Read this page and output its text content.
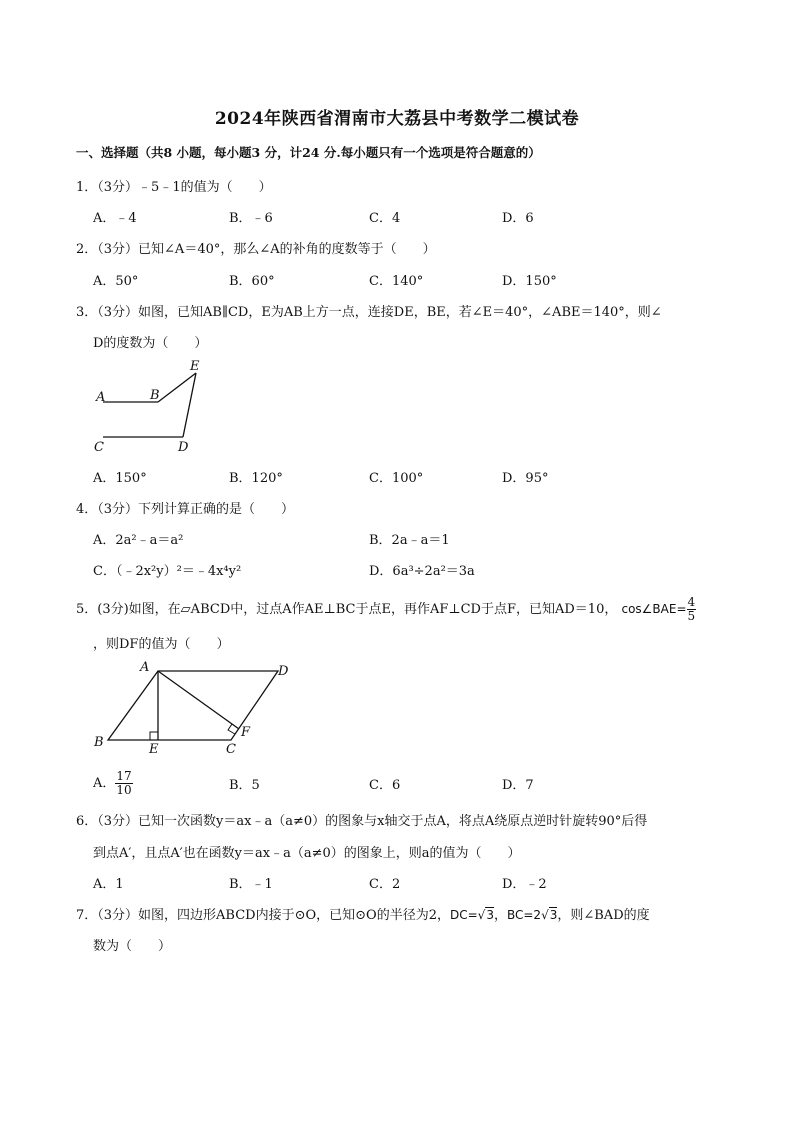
2024年陕西省渭南市大荔县中考数学二模试卷
一、选择题（共8 小题，每小题3 分，计24 分.每小题只有一个选项是符合题意的）
1．（3分）﹣5﹣1的值为（　　）
A．﹣4	B．﹣6	C．4	D．6
2．（3分）已知∠A＝40°，那么∠A的补角的度数等于（　　）
A．50°	B．60°	C．140°	D．150°
3．（3分）如图，已知AB∥CD，E为AB上方一点，连接DE，BE，若∠E＝40°，∠ABE＝140°，则∠
D的度数为（　　）
A	B
E
C	D
A．150°	B．120°	C．100°	D．95°
4．（3分）下列计算正确的是（　　）
A．2a²﹣a＝a²	B．2a﹣a＝1
C．（﹣2x²y）²＝﹣4x⁴y²	D．6a³÷2a²＝3a
5．(3分)如图，在▱ABCD中，过点A作AE⊥BC于点E，再作AF⊥CD于点F，已知AD＝10， cos∠BAE= $\frac{4}{5}$
，则DF的值为（　　）
A	D
B	E	C
F
A． $\frac{17}{10}$	B．5	C．6	D．7
6．（3分）已知一次函数y＝ax﹣a（a≠0）的图象与x轴交于点A，将点A绕原点逆时针旋转90°后得
到点A′，且点A′也在函数y＝ax﹣a（a≠0）的图象上，则a的值为（　　）
A．1	B．﹣1	C．2	D．﹣2
7．（3分）如图，四边形ABCD内接于⊙O，已知⊙O的半径为2，DC=√3，BC=2√3，则∠BAD的度
数为（　　）
